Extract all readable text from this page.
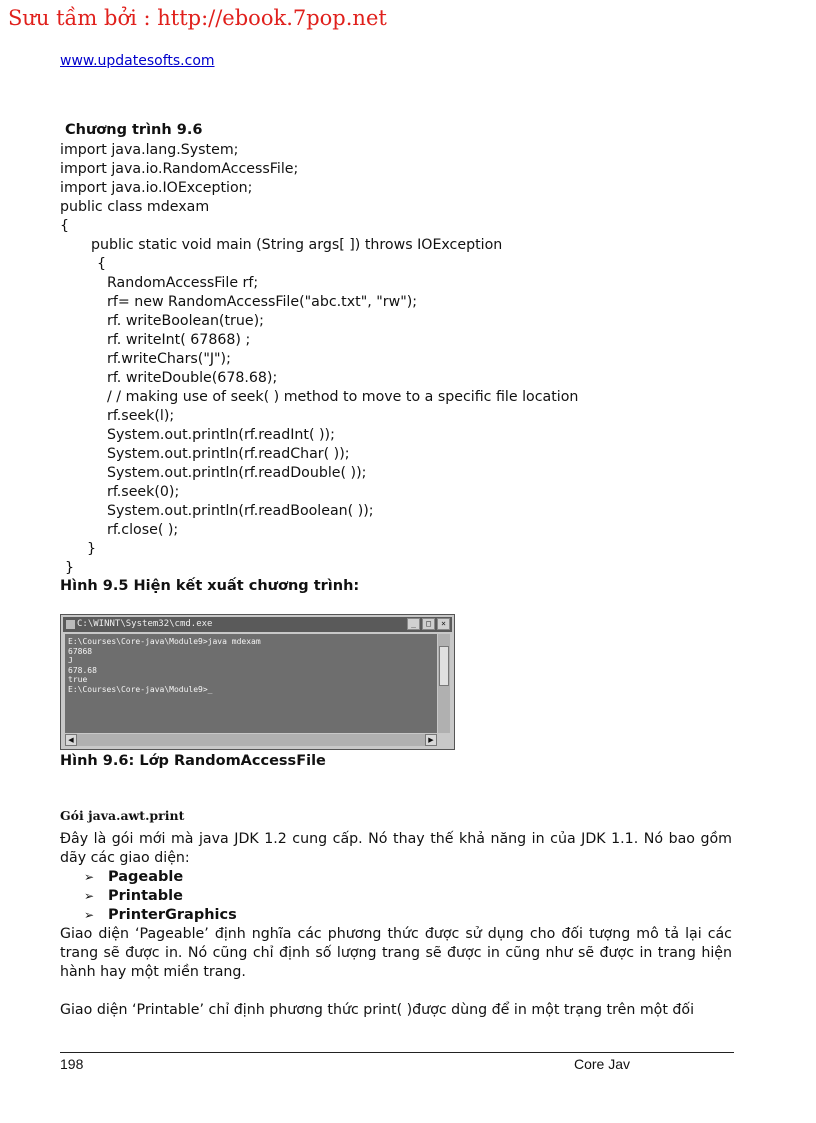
Sưu tầm bởi : http://ebook.7pop.net
www.updatesofts.com
Chương trình 9.6
import java.lang.System;
import java.io.RandomAccessFile;
import java.io.IOException;
public class mdexam
{
public static void main (String args[ ]) throws IOException
{
RandomAccessFile rf;
rf= new RandomAccessFile("abc.txt", "rw");
rf. writeBoolean(true);
rf. writeInt( 67868) ;
rf.writeChars("J");
rf. writeDouble(678.68);
/ / making use of seek( ) method to move to a specific file location
rf.seek(l);
System.out.println(rf.readInt( ));
System.out.println(rf.readChar( ));
System.out.println(rf.readDouble( ));
rf.seek(0);
System.out.println(rf.readBoolean( ));
rf.close( );
}
}
Hình 9.5 Hiện kết xuất chương trình:
C:\WINNT\System32\cmd.exe	_	□	×
E:\Courses\Core-java\Module9>java mdexam
67868
J
678.68
true
E:\Courses\Core-java\Module9>_
◀	▶
Hình 9.6: Lớp RandomAccessFile
Gói java.awt.print
Đây là gói mới mà java JDK 1.2 cung cấp. Nó thay thế khả năng in của JDK 1.1. Nó bao gồm dãy các giao diện:
➢ Pageable
➢ Printable
➢ PrinterGraphics
Giao diện ‘Pageable’ định nghĩa các phương thức được sử dụng cho đối tượng mô tả lại các trang sẽ được in. Nó cũng chỉ định số lượng trang sẽ được in cũng như sẽ được in trang hiện hành hay một miền trang.
Giao diện ‘Printable’ chỉ định phương thức print( )được dùng để in một trạng trên một đối
198	Core Jav
